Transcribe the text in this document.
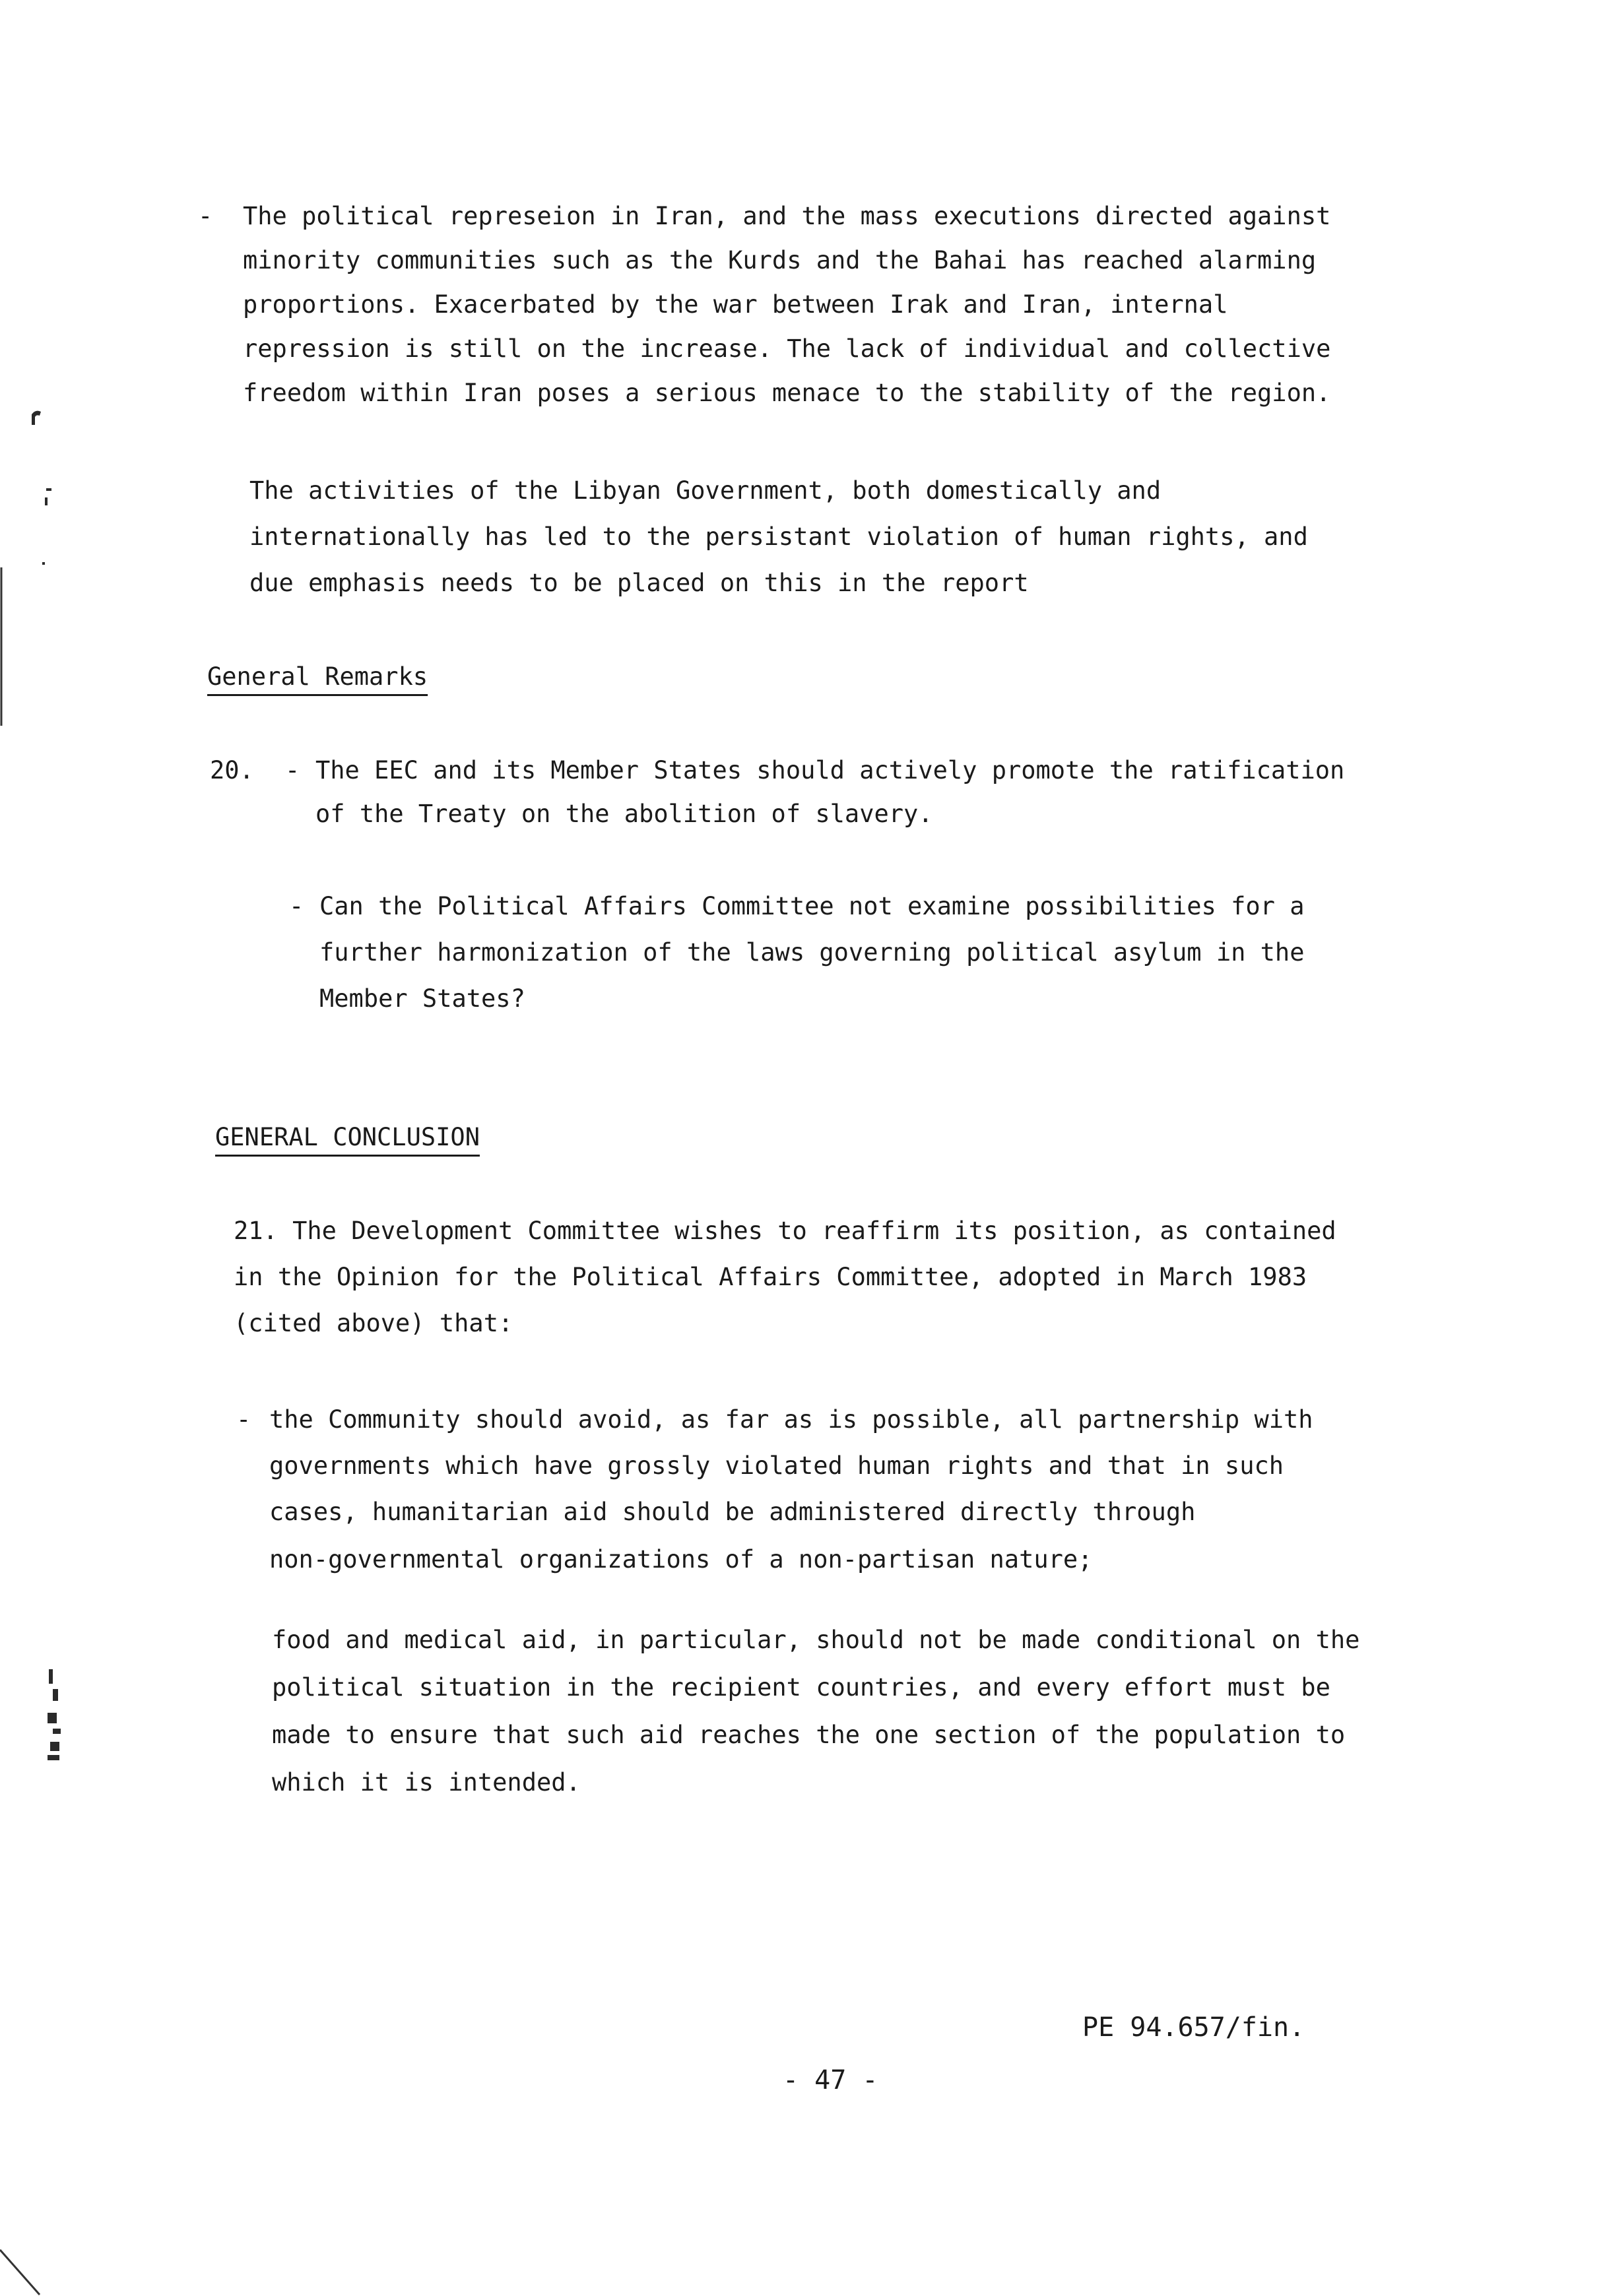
- The political represeion in Iran, and the mass executions directed against
minority communities such as the Kurds and the Bahai has reached alarming
proportions. Exacerbated by the war between Irak and Iran, internal
repression is still on the increase. The lack of individual and collective
freedom within Iran poses a serious menace to the stability of the region.
The activities of the Libyan Government, both domestically and
internationally has led to the persistant violation of human rights, and
due emphasis needs to be placed on this in the report
General Remarks
20. - The EEC and its Member States should actively promote the ratification
of the Treaty on the abolition of slavery.
- Can the Political Affairs Committee not examine possibilities for a
further harmonization of the laws governing political asylum in the
Member States?
GENERAL CONCLUSION
21. The Development Committee wishes to reaffirm its position, as contained
in the Opinion for the Political Affairs Committee, adopted in March 1983
(cited above) that:
- the Community should avoid, as far as is possible, all partnership with
governments which have grossly violated human rights and that in such
cases, humanitarian aid should be administered directly through
non-governmental organizations of a non-partisan nature;
food and medical aid, in particular, should not be made conditional on the
political situation in the recipient countries, and every effort must be
made to ensure that such aid reaches the one section of the population to
which it is intended.
PE 94.657/fin.
- 47 -
